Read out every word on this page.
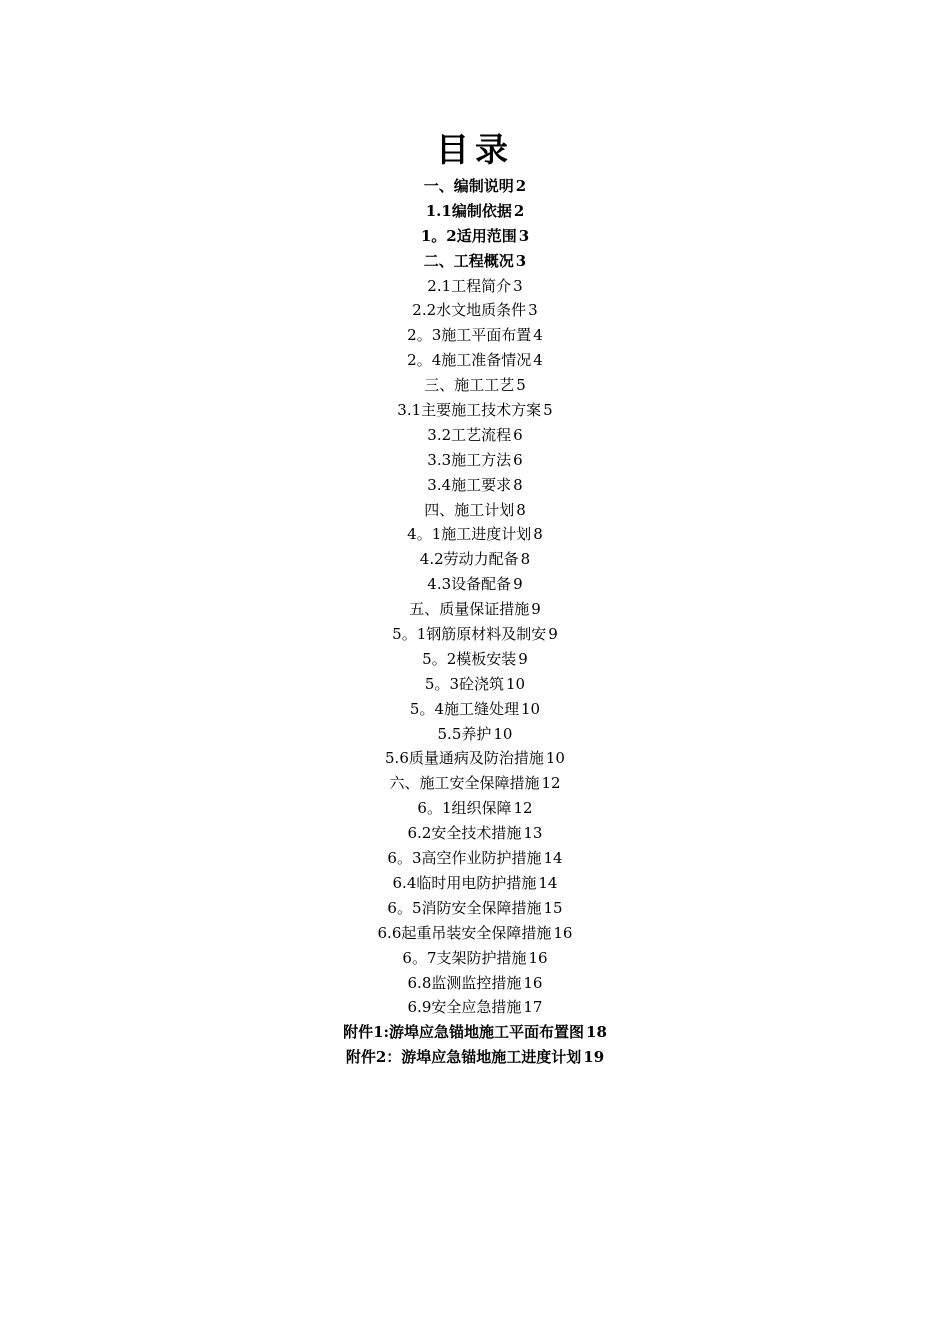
目录
一、编制说明 2
1.1编制依据 2
1。2适用范围 3
二、工程概况 3
2.1工程简介 3
2.2水文地质条件 3
2。3施工平面布置 4
2。4施工准备情况 4
三、施工工艺 5
3.1主要施工技术方案 5
3.2工艺流程 6
3.3施工方法 6
3.4施工要求 8
四、施工计划 8
4。1施工进度计划 8
4.2劳动力配备 8
4.3设备配备 9
五、质量保证措施 9
5。1钢筋原材料及制安 9
5。2模板安装 9
5。3砼浇筑 10
5。4施工缝处理 10
5.5养护 10
5.6质量通病及防治措施 10
六、施工安全保障措施 12
6。1组织保障 12
6.2安全技术措施 13
6。3高空作业防护措施 14
6.4临时用电防护措施 14
6。5消防安全保障措施 15
6.6起重吊装安全保障措施 16
6。7支架防护措施 16
6.8监测监控措施 16
6.9安全应急措施 17
附件1:游埠应急锚地施工平面布置图 18
附件2：游埠应急锚地施工进度计划 19
